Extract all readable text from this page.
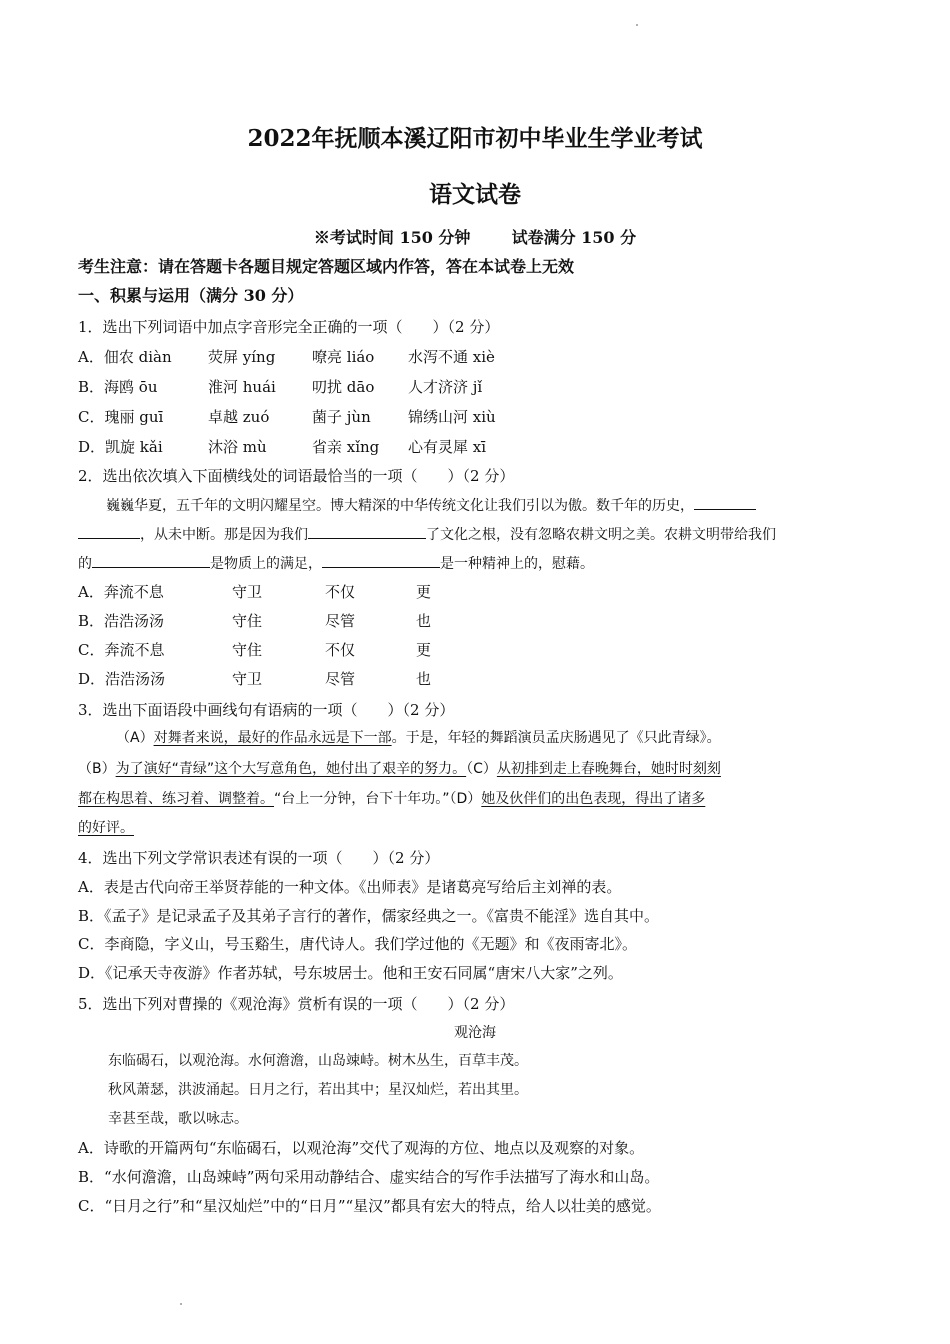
2022年抚顺本溪辽阳市初中毕业生学业考试
语文试卷
※考试时间 150 分钟	试卷满分 150 分
考生注意：请在答题卡各题目规定答题区域内作答，答在本试卷上无效
一、积累与运用（满分 30 分）
1．选出下列词语中加点字音形完全正确的一项（　　）（2 分）
A．佃农 diàn 荧屏 yíng 嘹亮 liáo 水泻不通 xiè
B．海鸥 ōu	淮河 huái 叨扰 dāo 人才济济 jǐ
C．瑰丽 guī	卓越 zuó	菌子 jùn 锦绣山河 xiù
D．凯旋 kǎi	沐浴 mù	省亲 xǐng 心有灵犀 xī
2．选出依次填入下面横线处的词语最恰当的一项（　　）（2 分）
巍巍华夏，五千年的文明闪耀星空。博大精深的中华传统文化让我们引以为傲。数千年的历史，
，从未中断。那是因为我们	了文化之根，没有忽略农耕文明之美。农耕文明带给我们
的	是物质上的满足，	是一种精神上的，慰藉。
A．奔流不息	守卫	不仅	更
B．浩浩汤汤	守住	尽管	也
C．奔流不息	守住	不仅	更
D．浩浩汤汤	守卫	尽管	也
3．选出下面语段中画线句有语病的一项（　　）（2 分）
（A）对舞者来说，最好的作品永远是下一部。于是，年轻的舞蹈演员孟庆肠遇见了《只此青绿》。
（B）为了演好“青绿”这个大写意角色，她付出了艰辛的努力。（C）从初排到走上春晚舞台，她时时刻刻
都在构思着、练习着、调整着。“台上一分钟，台下十年功。”（D）她及伙伴们的出色表现，得出了诸多
的好评。
4．选出下列文学常识表述有误的一项（　　）（2 分）
A．表是古代向帝王举贤荐能的一种文体。《出师表》是诸葛亮写给后主刘禅的表。
B．《孟子》是记录孟子及其弟子言行的著作，儒家经典之一。《富贵不能淫》选自其中。
C．李商隐，字义山，号玉谿生，唐代诗人。我们学过他的《无题》和《夜雨寄北》。
D．《记承天寺夜游》作者苏轼，号东坡居士。他和王安石同属“唐宋八大家”之列。
5．选出下列对曹操的《观沧海》赏析有误的一项（　　）（2 分）
观沧海
东临碣石，以观沧海。水何澹澹，山岛竦峙。树木丛生，百草丰茂。
秋风萧瑟，洪波涌起。日月之行，若出其中；星汉灿烂，若出其里。
幸甚至哉，歌以咏志。
A．诗歌的开篇两句“东临碣石，以观沧海”交代了观海的方位、地点以及观察的对象。
B．“水何澹澹，山岛竦峙”两句采用动静结合、虚实结合的写作手法描写了海水和山岛。
C．“日月之行”和“星汉灿烂”中的“日月”“星汉”都具有宏大的特点，给人以壮美的感觉。
